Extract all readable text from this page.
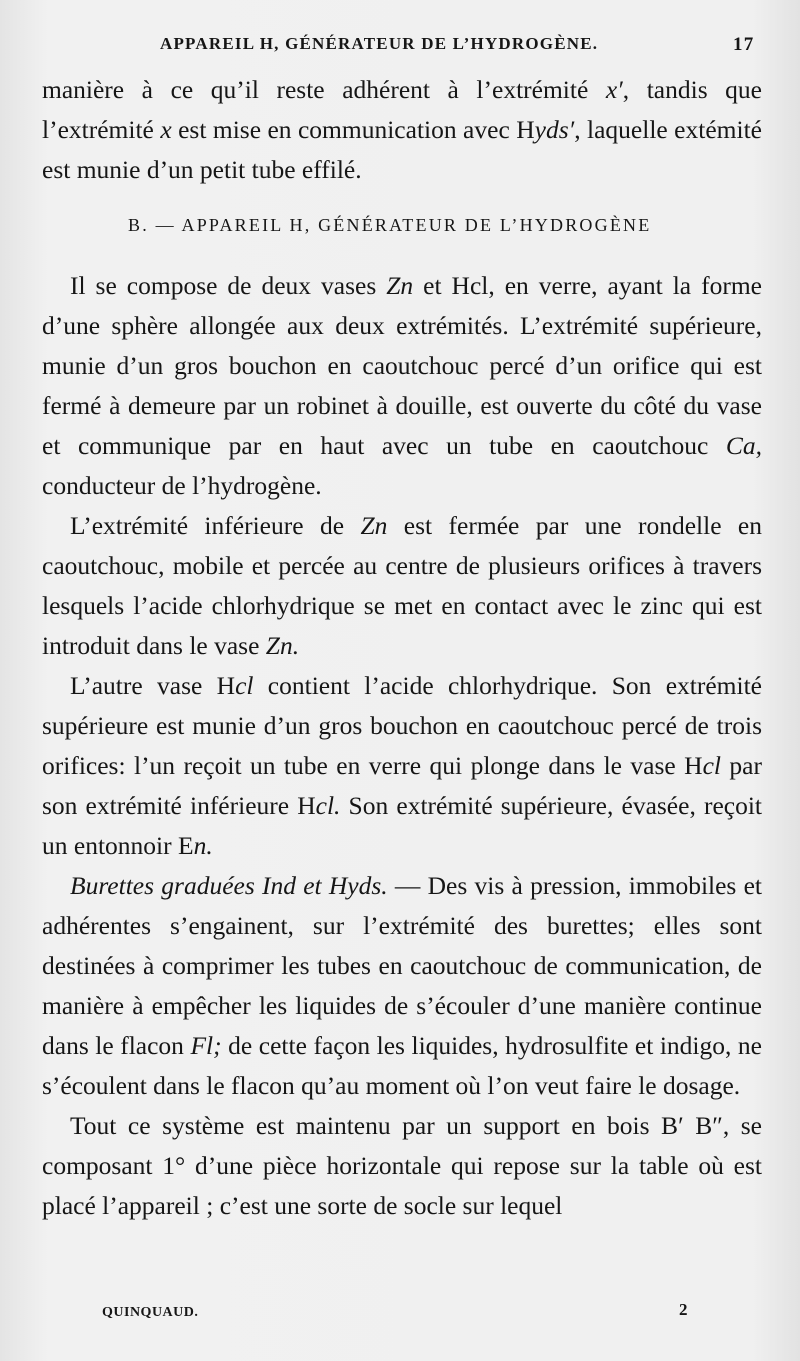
APPAREIL H, GÉNÉRATEUR DE L’HYDROGÈNE.	17

manière à ce qu’il reste adhérent à l’extrémité x′, tandis que l’extrémité x est mise en communication avec Hyds′, laquelle extémité est munie d’un petit tube effilé.

B. — APPAREIL H, GÉNÉRATEUR DE L’HYDROGÈNE

Il se compose de deux vases Zn et Hcl, en verre, ayant la forme d’une sphère allongée aux deux extrémités. L’extrémité supérieure, munie d’un gros bouchon en caoutchouc percé d’un orifice qui est fermé à demeure par un robinet à douille, est ouverte du côté du vase et communique par en haut avec un tube en caoutchouc Ca, conducteur de l’hydrogène.

L’extrémité inférieure de Zn est fermée par une rondelle en caoutchouc, mobile et percée au centre de plusieurs orifices à travers lesquels l’acide chlorhydrique se met en contact avec le zinc qui est introduit dans le vase Zn.

L’autre vase Hcl contient l’acide chlorhydrique. Son extrémité supérieure est munie d’un gros bouchon en caoutchouc percé de trois orifices: l’un reçoit un tube en verre qui plonge dans le vase Hcl par son extrémité inférieure Hcl. Son extrémité supérieure, évasée, reçoit un entonnoir En.

Burettes graduées Ind et Hyds. — Des vis à pression, immobiles et adhérentes s’engainent, sur l’extrémité des burettes; elles sont destinées à comprimer les tubes en caoutchouc de communication, de manière à empêcher les liquides de s’écouler d’une manière continue dans le flacon Fl; de cette façon les liquides, hydrosulfite et indigo, ne s’écoulent dans le flacon qu’au moment où l’on veut faire le dosage.

Tout ce système est maintenu par un support en bois B′ B″, se composant 1° d’une pièce horizontale qui repose sur la table où est placé l’appareil ; c’est une sorte de socle sur lequel

QUINQUAUD.	2
